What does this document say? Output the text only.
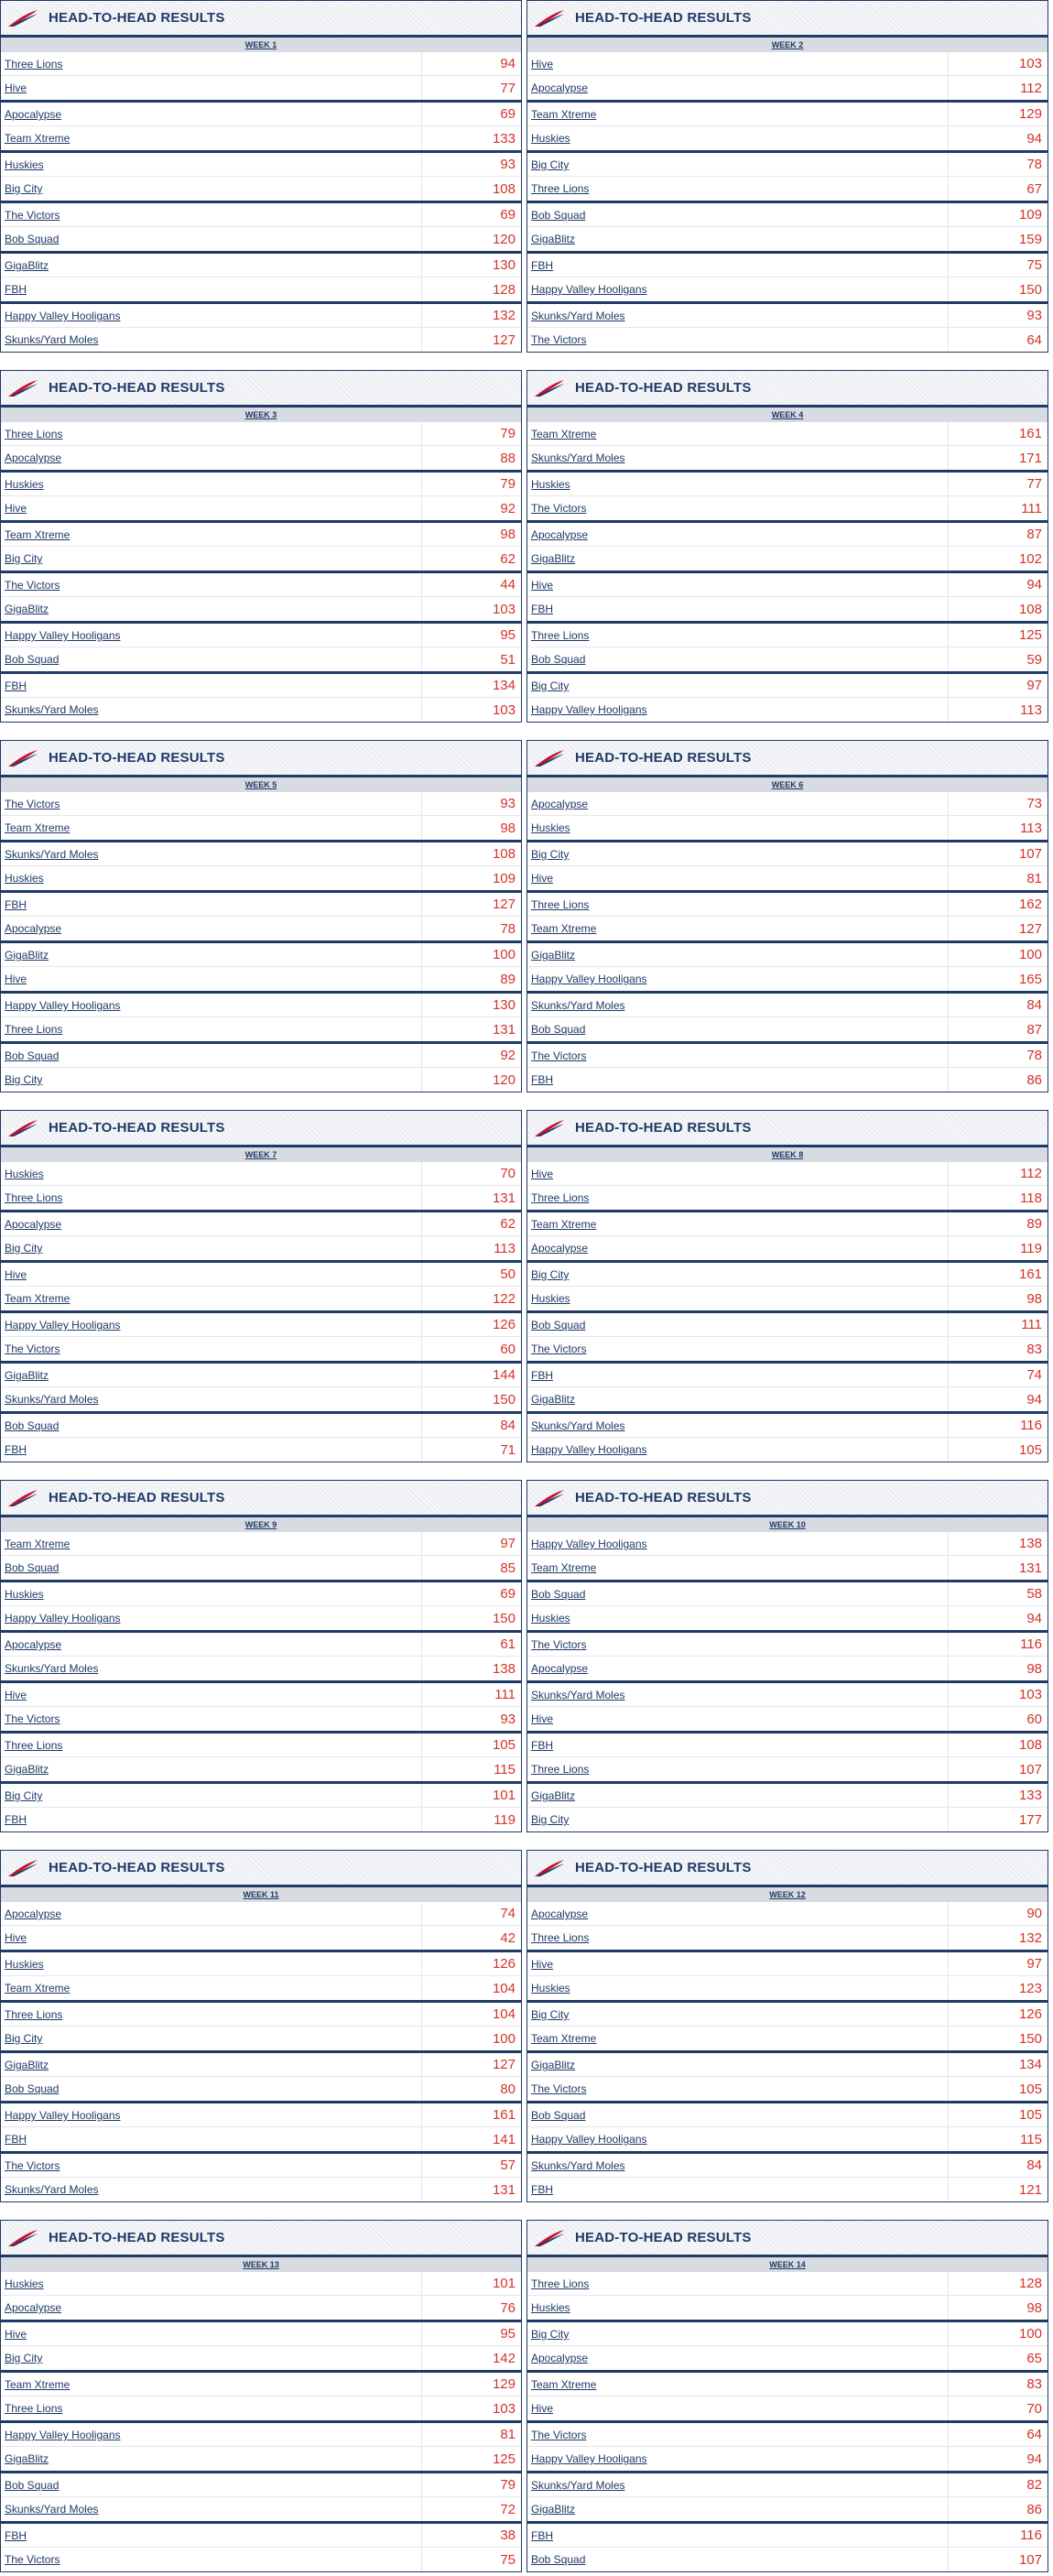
HEAD-TO-HEAD RESULTS
WEEK 1
Three Lions	94
Hive	77
Apocalypse	69
Team Xtreme	133
Huskies	93
Big City	108
The Victors	69
Bob Squad	120
GigaBlitz	130
FBH	128
Happy Valley Hooligans	132
Skunks/Yard Moles	127
HEAD-TO-HEAD RESULTS
WEEK 2
Hive	103
Apocalypse	112
Team Xtreme	129
Huskies	94
Big City	78
Three Lions	67
Bob Squad	109
GigaBlitz	159
FBH	75
Happy Valley Hooligans	150
Skunks/Yard Moles	93
The Victors	64
HEAD-TO-HEAD RESULTS
WEEK 3
Three Lions	79
Apocalypse	88
Huskies	79
Hive	92
Team Xtreme	98
Big City	62
The Victors	44
GigaBlitz	103
Happy Valley Hooligans	95
Bob Squad	51
FBH	134
Skunks/Yard Moles	103
HEAD-TO-HEAD RESULTS
WEEK 4
Team Xtreme	161
Skunks/Yard Moles	171
Huskies	77
The Victors	111
Apocalypse	87
GigaBlitz	102
Hive	94
FBH	108
Three Lions	125
Bob Squad	59
Big City	97
Happy Valley Hooligans	113
HEAD-TO-HEAD RESULTS
WEEK 5
The Victors	93
Team Xtreme	98
Skunks/Yard Moles	108
Huskies	109
FBH	127
Apocalypse	78
GigaBlitz	100
Hive	89
Happy Valley Hooligans	130
Three Lions	131
Bob Squad	92
Big City	120
HEAD-TO-HEAD RESULTS
WEEK 6
Apocalypse	73
Huskies	113
Big City	107
Hive	81
Three Lions	162
Team Xtreme	127
GigaBlitz	100
Happy Valley Hooligans	165
Skunks/Yard Moles	84
Bob Squad	87
The Victors	78
FBH	86
HEAD-TO-HEAD RESULTS
WEEK 7
Huskies	70
Three Lions	131
Apocalypse	62
Big City	113
Hive	50
Team Xtreme	122
Happy Valley Hooligans	126
The Victors	60
GigaBlitz	144
Skunks/Yard Moles	150
Bob Squad	84
FBH	71
HEAD-TO-HEAD RESULTS
WEEK 8
Hive	112
Three Lions	118
Team Xtreme	89
Apocalypse	119
Big City	161
Huskies	98
Bob Squad	111
The Victors	83
FBH	74
GigaBlitz	94
Skunks/Yard Moles	116
Happy Valley Hooligans	105
HEAD-TO-HEAD RESULTS
WEEK 9
Team Xtreme	97
Bob Squad	85
Huskies	69
Happy Valley Hooligans	150
Apocalypse	61
Skunks/Yard Moles	138
Hive	111
The Victors	93
Three Lions	105
GigaBlitz	115
Big City	101
FBH	119
HEAD-TO-HEAD RESULTS
WEEK 10
Happy Valley Hooligans	138
Team Xtreme	131
Bob Squad	58
Huskies	94
The Victors	116
Apocalypse	98
Skunks/Yard Moles	103
Hive	60
FBH	108
Three Lions	107
GigaBlitz	133
Big City	177
HEAD-TO-HEAD RESULTS
WEEK 11
Apocalypse	74
Hive	42
Huskies	126
Team Xtreme	104
Three Lions	104
Big City	100
GigaBlitz	127
Bob Squad	80
Happy Valley Hooligans	161
FBH	141
The Victors	57
Skunks/Yard Moles	131
HEAD-TO-HEAD RESULTS
WEEK 12
Apocalypse	90
Three Lions	132
Hive	97
Huskies	123
Big City	126
Team Xtreme	150
GigaBlitz	134
The Victors	105
Bob Squad	105
Happy Valley Hooligans	115
Skunks/Yard Moles	84
FBH	121
HEAD-TO-HEAD RESULTS
WEEK 13
Huskies	101
Apocalypse	76
Hive	95
Big City	142
Team Xtreme	129
Three Lions	103
Happy Valley Hooligans	81
GigaBlitz	125
Bob Squad	79
Skunks/Yard Moles	72
FBH	38
The Victors	75
HEAD-TO-HEAD RESULTS
WEEK 14
Three Lions	128
Huskies	98
Big City	100
Apocalypse	65
Team Xtreme	83
Hive	70
The Victors	64
Happy Valley Hooligans	94
Skunks/Yard Moles	82
GigaBlitz	86
FBH	116
Bob Squad	107
